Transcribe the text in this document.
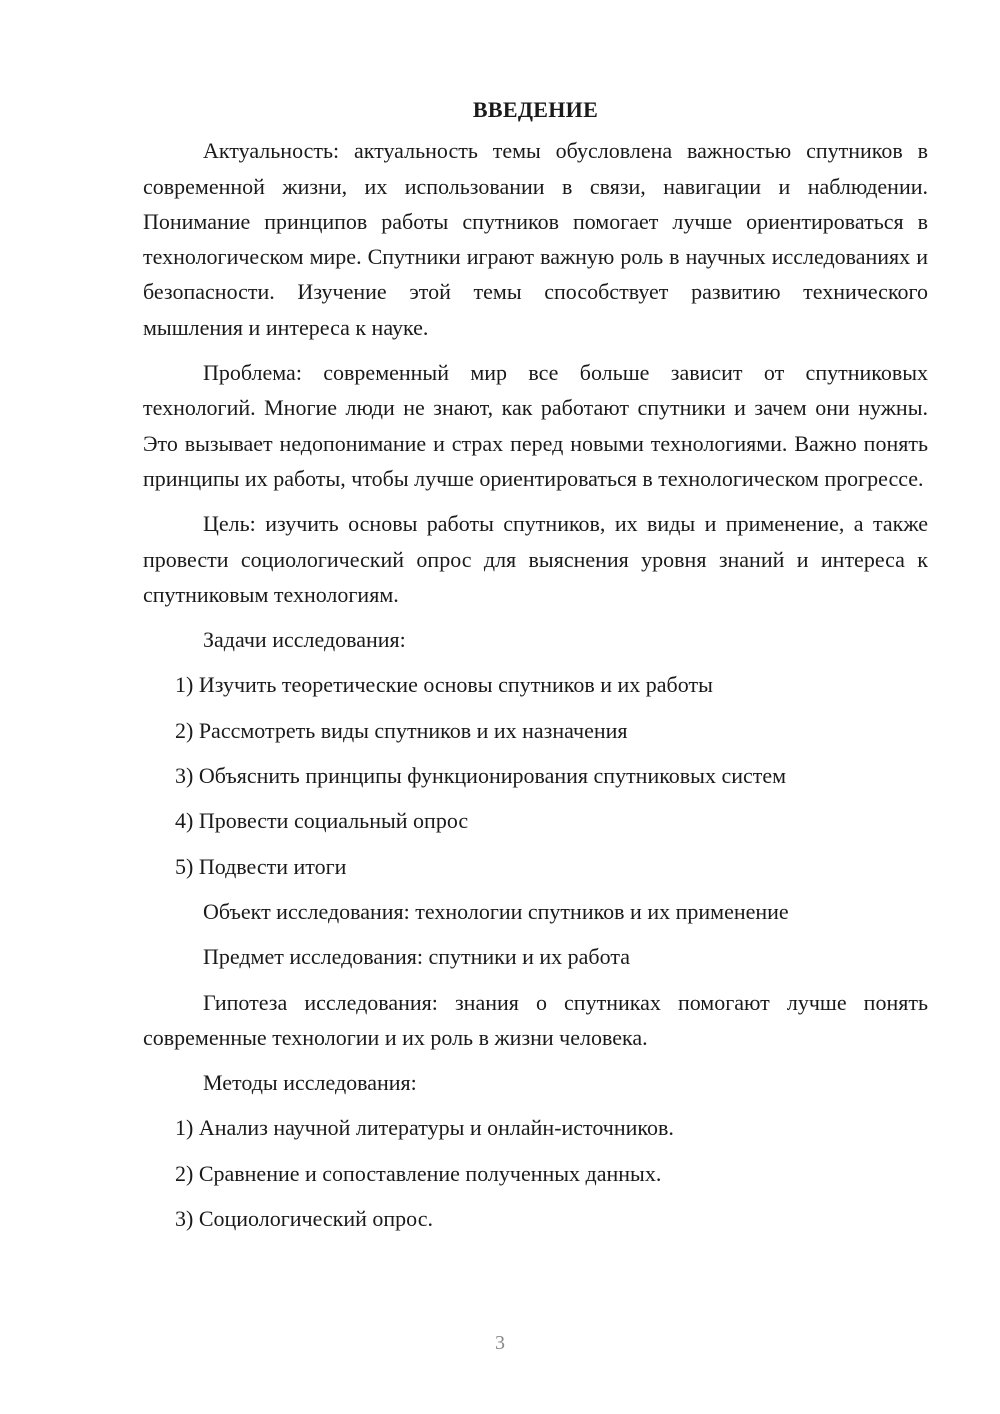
ВВЕДЕНИЕ
Актуальность: актуальность темы обусловлена важностью спутников в современной жизни, их использовании в связи, навигации и наблюдении. Понимание принципов работы спутников помогает лучше ориентироваться в технологическом мире. Спутники играют важную роль в научных исследованиях и безопасности. Изучение этой темы способствует развитию технического мышления и интереса к науке.
Проблема: современный мир все больше зависит от спутниковых технологий. Многие люди не знают, как работают спутники и зачем они нужны. Это вызывает недопонимание и страх перед новыми технологиями. Важно понять принципы их работы, чтобы лучше ориентироваться в технологическом прогрессе.
Цель: изучить основы работы спутников, их виды и применение, а также провести социологический опрос для выяснения уровня знаний и интереса к спутниковым технологиям.
Задачи исследования:
1) Изучить теоретические основы спутников и их работы
2) Рассмотреть виды спутников и их назначения
3) Объяснить принципы функционирования спутниковых систем
4) Провести социальный опрос
5) Подвести итоги
Объект исследования: технологии спутников и их применение
Предмет исследования: спутники и их работа
Гипотеза исследования: знания о спутниках помогают лучше понять современные технологии и их роль в жизни человека.
Методы исследования:
1) Анализ научной литературы и онлайн-источников.
2) Сравнение и сопоставление полученных данных.
3) Социологический опрос.
3
